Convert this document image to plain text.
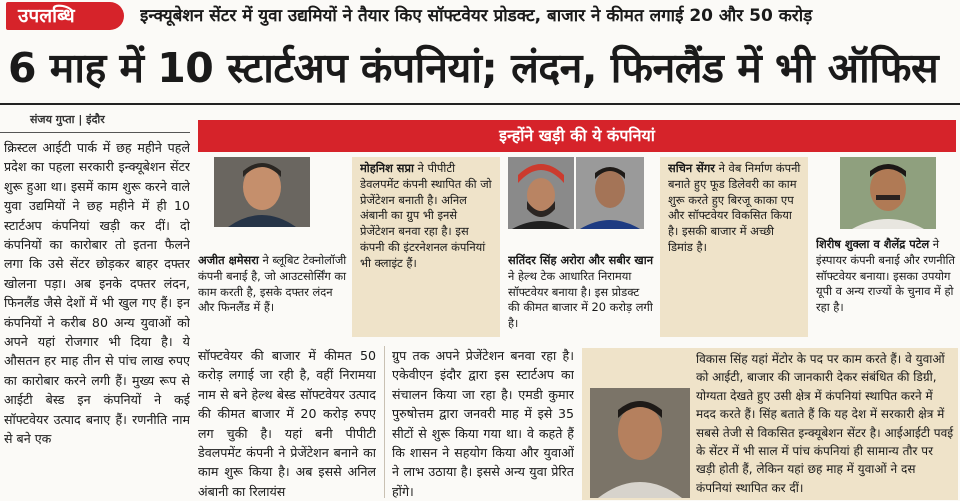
उपलब्धि	इन्क्यूबेशन सेंटर में युवा उद्यमियों ने तैयार किए सॉफ्टवेयर प्रोडक्ट, बाजार ने कीमत लगाई 20 और 50 करोड़
6 माह में 10 स्टार्टअप कंपनियां; लंदन, फिनलैंड में भी ऑफिस
संजय गुप्ता | इंदौर
क्रिस्टल आईटी पार्क में छह महीने पहले प्रदेश का पहला सरकारी इन्क्यूबेशन सेंटर शुरू हुआ था। इसमें काम शुरू करने वाले युवा उद्यमियों ने छह महीने में ही 10 स्टार्टअप कंपनियां खड़ी कर दीं। दो कंपनियों का कारोबार तो इतना फैलने लगा कि उसे सेंटर छोड़कर बाहर दफ्तर खोलना पड़ा। अब इनके दफ्तर लंदन, फिनलैंड जैसे देशों में भी खुल गए हैं। इन कंपनियों ने करीब 80 अन्य युवाओं को अपने यहां रोजगार भी दिया है। ये औसतन हर माह तीन से पांच लाख रुपए का कारोबार करने लगी हैं। मुख्य रूप से आईटी बेस्ड इन कंपनियों ने कई सॉफ्टवेयर उत्पाद बनाए हैं। रणनीति नाम से बने एक
इन्होंने खड़ी की ये कंपनियां
अजीत क्षमेसरा ने ब्लूबिट टेक्नोलॉजी कंपनी बनाई है, जो आउटसोर्सिंग का काम करती है, इसके दफ्तर लंदन और फिनलैंड में हैं।
मोहनिश सप्रा ने पीपीटी डेवलपमेंट कंपनी स्थापित की जो प्रेजेंटेशन बनाती है। अनिल अंबानी का ग्रुप भी इनसे प्रेजेंटेशन बनवा रहा है। इस कंपनी की इंटरनेशनल कंपनियां भी क्लाइंट हैं।	सतिंदर सिंह अरोरा और सबीर खान ने हेल्थ टेक आधारित निरामया सॉफ्टवेयर बनाया है। इस प्रोडक्ट की कीमत बाजार में 20 करोड़ लगी है।
सचिन सेंगर ने वेब निर्माण कंपनी बनाते हुए फूड डिलेवरी का काम शुरू करते हुए बिरजू काका एप और सॉफ्टवेयर विकसित किया है। इसकी बाजार में अच्छी डिमांड है।	शिरीष शुक्ला व शैलेंद्र पटेल ने इंस्पायर कंपनी बनाई और रणनीति सॉफ्टवेयर बनाया। इसका उपयोग यूपी व अन्य राज्यों के चुनाव में हो रहा है।
सॉफ्टवेयर की बाजार में कीमत 50 करोड़ लगाई जा रही है, वहीं निरामया नाम से बने हेल्थ बेस्ड सॉफ्टवेयर उत्पाद की कीमत बाजार में 20 करोड़ रुपए लग चुकी है। यहां बनी पीपीटी डेवलपमेंट कंपनी ने प्रेजेंटेशन बनाने का काम शुरू किया है। अब इससे अनिल अंबानी का रिलायंस
ग्रुप तक अपने प्रेजेंटेशन बनवा रहा है। एकेवीएन इंदौर द्वारा इस स्टार्टअप का संचालन किया जा रहा है। एमडी कुमार पुरुषोत्तम द्वारा जनवरी माह में इसे 35 सीटों से शुरू किया गया था। वे कहते हैं कि शासन ने सहयोग किया और युवाओं ने लाभ उठाया है। इससे अन्य युवा प्रेरित होंगे।
विकास सिंह यहां मेंटोर के पद पर काम करते हैं। वे युवाओं को आईटी, बाजार की जानकारी देकर संबंधित की डिग्री, योग्यता देखते हुए उसी क्षेत्र में कंपनियां स्थापित करने में मदद करते हैं। सिंह बताते हैं कि यह देश में सरकारी क्षेत्र में सबसे तेजी से विकसित इन्क्यूबेशन सेंटर है। आईआईटी पवई के सेंटर में भी साल में पांच कंपनियां ही सामान्य तौर पर खड़ी होती हैं, लेकिन यहां छह माह में युवाओं ने दस कंपनियां स्थापित कर दीं।
